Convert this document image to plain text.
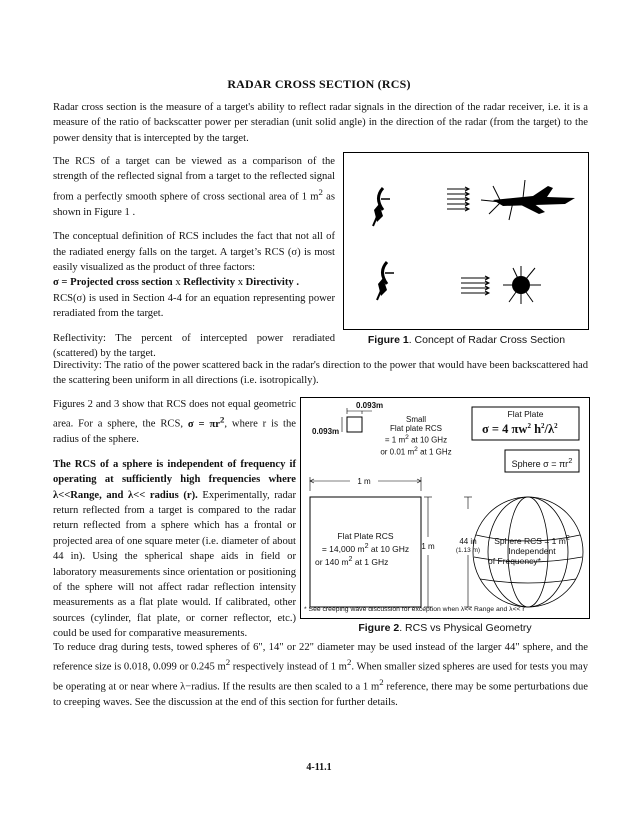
RADAR CROSS SECTION (RCS)

Radar cross section is the measure of a target's ability to reflect radar signals in the direction of the radar receiver, i.e. it is a measure of the ratio of backscatter power per steradian (unit solid angle) in the direction of the radar (from the target) to the power density that is intercepted by the target.

The RCS of a target can be viewed as a comparison of the strength of the reflected signal from a target to the reflected signal from a perfectly smooth sphere of cross sectional area of 1 $m^2$ as shown in Figure 1 .

The conceptual definition of RCS includes the fact that not all of the radiated energy falls on the target. A target’s RCS (σ) is most easily visualized as the product of three factors:
σ = Projected cross section x Reflectivity x Directivity .
RCS(σ) is used in Section 4-4 for an equation representing power reradiated from the target.

Reflectivity: The percent of intercepted power reradiated (scattered) by the target.

Figure 1. Concept of Radar Cross Section

Directivity: The ratio of the power scattered back in the radar's direction to the power that would have been backscattered had the scattering been uniform in all directions (i.e. isotropically).

Figures 2 and 3 show that RCS does not equal geometric area. For a sphere, the RCS, $\sigma = \pi r^2$, where r is the radius of the sphere.

The RCS of a sphere is independent of frequency if operating at sufficiently high frequencies where λ<<Range, and λ<< radius (r). Experimentally, radar return reflected from a target is compared to the radar return reflected from a sphere which has a frontal or projected area of one square meter (i.e. diameter of about 44 in). Using the spherical shape aids in field or laboratory measurements since orientation or positioning of the sphere will not affect radar reflection intensity measurements as a flat plate would. If calibrated, other sources (cylinder, flat plate, or corner reflector, etc.) could be used for comparative measurements.

0.093m
0.093m
Small
Flat plate RCS
= 1 $m^2$ at 10 GHz
or 0.01 $m^2$ at 1 GHz
Flat Plate
σ = 4 $\pi w^2$ $h^2/\lambda^2$
Sphere $\sigma = \pi r^2$
1 m
Flat Plate RCS
= 14,000 $m^2$ at 10 GHz
or 140 $m^2$ at 1 GHz
1 m
44 in
(1.13 m)
Sphere RCS = 1 $m^2$
Independent
of Frequency*
* See creeping wave discussion for exception when λ<< Range and λ<< r
Figure 2. RCS vs Physical Geometry

To reduce drag during tests, towed spheres of 6", 14" or 22" diameter may be used instead of the larger 44" sphere, and the reference size is 0.018, 0.099 or 0.245 $m^2$ respectively instead of 1 $m^2$. When smaller sized spheres are used for tests you may be operating at or near where λ−radius. If the results are then scaled to a 1 $m^2$ reference, there may be some perturbations due to creeping waves. See the discussion at the end of this section for further details.

4-11.1
